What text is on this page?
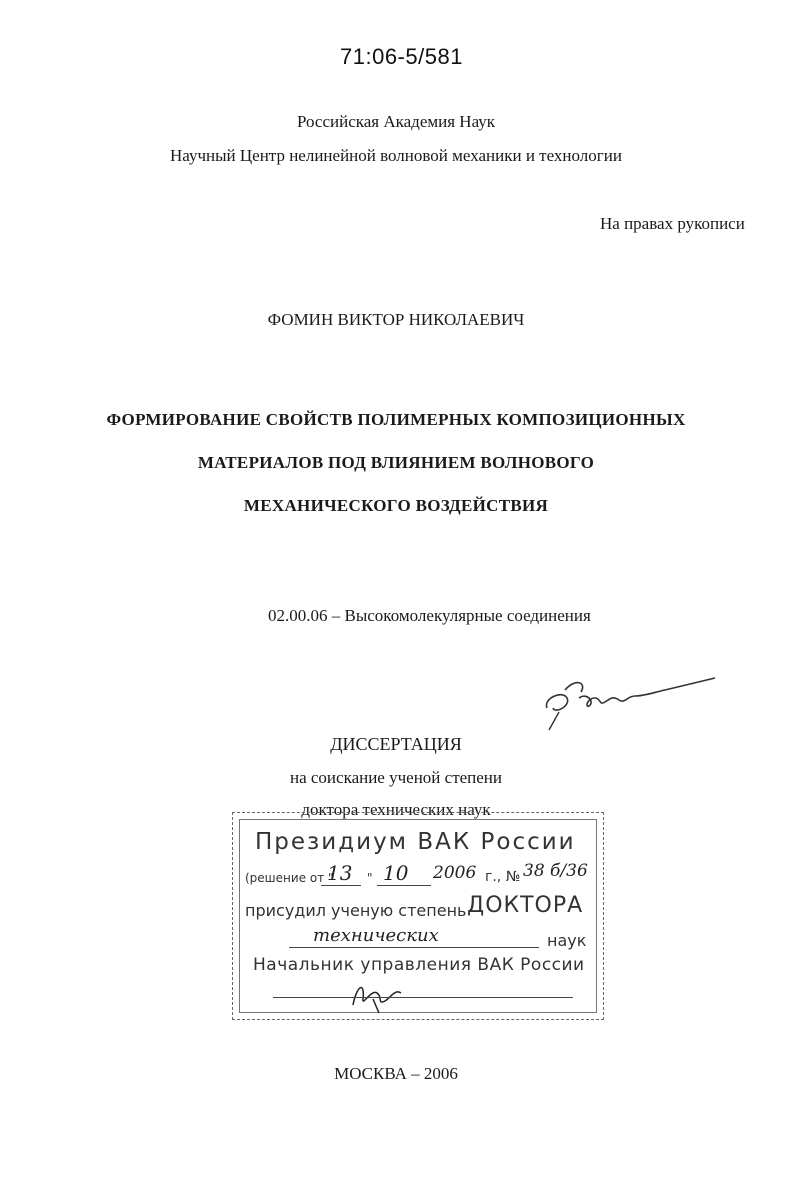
71:06-5/581
Российская Академия Наук
Научный Центр нелинейной волновой механики и технологии
На правах рукописи
ФОМИН ВИКТОР НИКОЛАЕВИЧ
ФОРМИРОВАНИЕ СВОЙСТВ ПОЛИМЕРНЫХ КОМПОЗИЦИОННЫХ
МАТЕРИАЛОВ ПОД ВЛИЯНИЕМ ВОЛНОВОГО
МЕХАНИЧЕСКОГО ВОЗДЕЙСТВИЯ
02.00.06 – Высокомолекулярные соединения
ДИССЕРТАЦИЯ
на соискание ученой степени
доктора технических наук
Президиум ВАК России
(решение от "
13 " 10 2006 г., № 38 б/36
присудил ученую степень ДОКТОРА
технических	наук
Начальник управления ВАК России
МОСКВА – 2006
